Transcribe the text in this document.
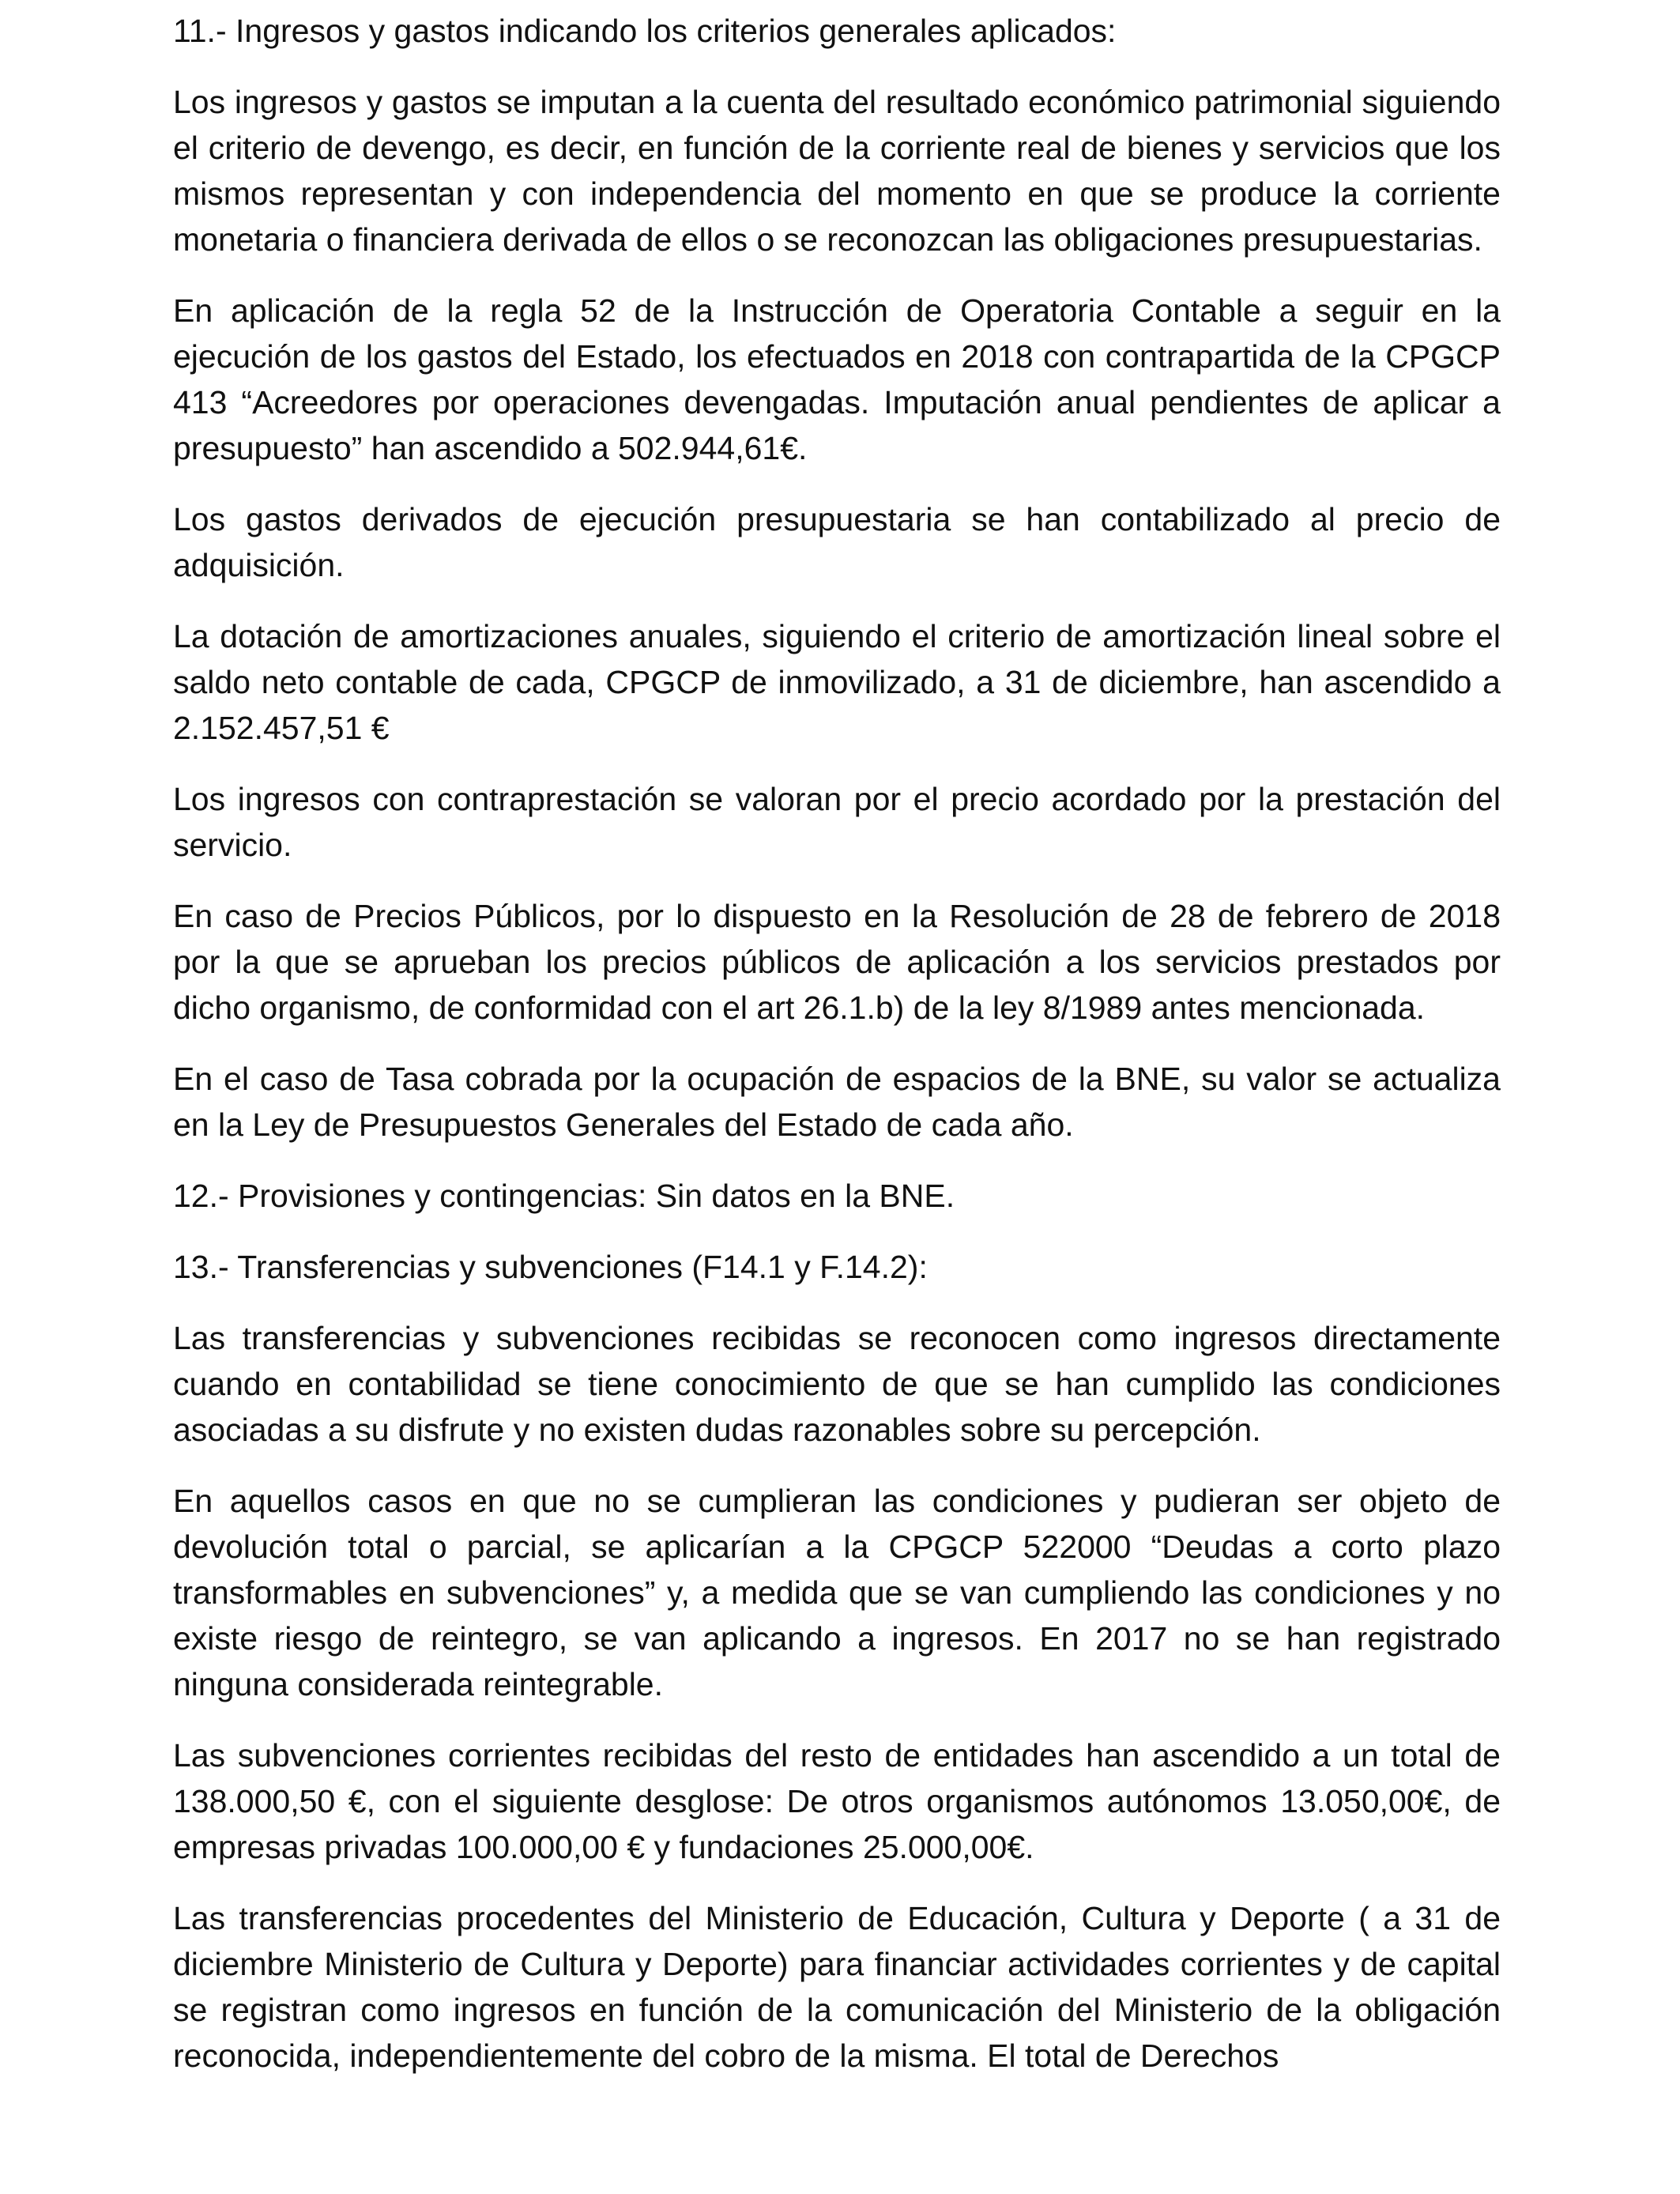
11.- Ingresos y gastos indicando los criterios generales aplicados:

Los ingresos y gastos se imputan a la cuenta del resultado económico patrimonial siguiendo el criterio de devengo, es decir, en función de la corriente real de bienes y servicios que los mismos representan y con independencia del momento en que se produce la corriente monetaria o financiera derivada de ellos o se reconozcan las obligaciones presupuestarias.

En aplicación de la regla 52 de la Instrucción de Operatoria Contable a seguir en la ejecución de los gastos del Estado, los efectuados en 2018 con contrapartida de la CPGCP 413 “Acreedores por operaciones devengadas. Imputación anual pendientes de aplicar a presupuesto” han ascendido a 502.944,61€.

Los gastos derivados de ejecución presupuestaria se han contabilizado al precio de adquisición.

La dotación de amortizaciones anuales, siguiendo el criterio de amortización lineal sobre el saldo neto contable de cada, CPGCP de inmovilizado, a 31 de diciembre, han ascendido a 2.152.457,51 €

Los ingresos con contraprestación se valoran por el precio acordado por la prestación del servicio.

En caso de Precios Públicos, por lo dispuesto en la Resolución de 28 de febrero de 2018 por la que se aprueban los precios públicos de aplicación a los servicios prestados por dicho organismo, de conformidad con el art 26.1.b) de la ley 8/1989 antes mencionada.

En el caso de Tasa cobrada por la ocupación de espacios de la BNE, su valor se actualiza en la Ley de Presupuestos Generales del Estado de cada año.

12.- Provisiones y contingencias: Sin datos en la BNE.

13.- Transferencias y subvenciones (F14.1 y F.14.2):

Las transferencias y subvenciones recibidas se reconocen como ingresos directamente cuando en contabilidad se tiene conocimiento de que se han cumplido las condiciones asociadas a su disfrute y no existen dudas razonables sobre su percepción.

En aquellos casos en que no se cumplieran las condiciones y pudieran ser objeto de devolución total o parcial, se aplicarían a la CPGCP 522000 “Deudas a corto plazo transformables en subvenciones” y, a medida que se van cumpliendo las condiciones y no existe riesgo de reintegro, se van aplicando a ingresos. En 2017 no se han registrado ninguna considerada reintegrable.

Las subvenciones corrientes recibidas del resto de entidades han ascendido a un total de 138.000,50 €, con el siguiente desglose: De otros organismos autónomos 13.050,00€, de empresas privadas 100.000,00 € y fundaciones 25.000,00€.

Las transferencias procedentes del Ministerio de Educación, Cultura y Deporte ( a 31 de diciembre Ministerio de Cultura y Deporte) para financiar actividades corrientes y de capital se registran como ingresos en función de la comunicación del Ministerio de la obligación reconocida, independientemente del cobro de la misma. El total de Derechos
